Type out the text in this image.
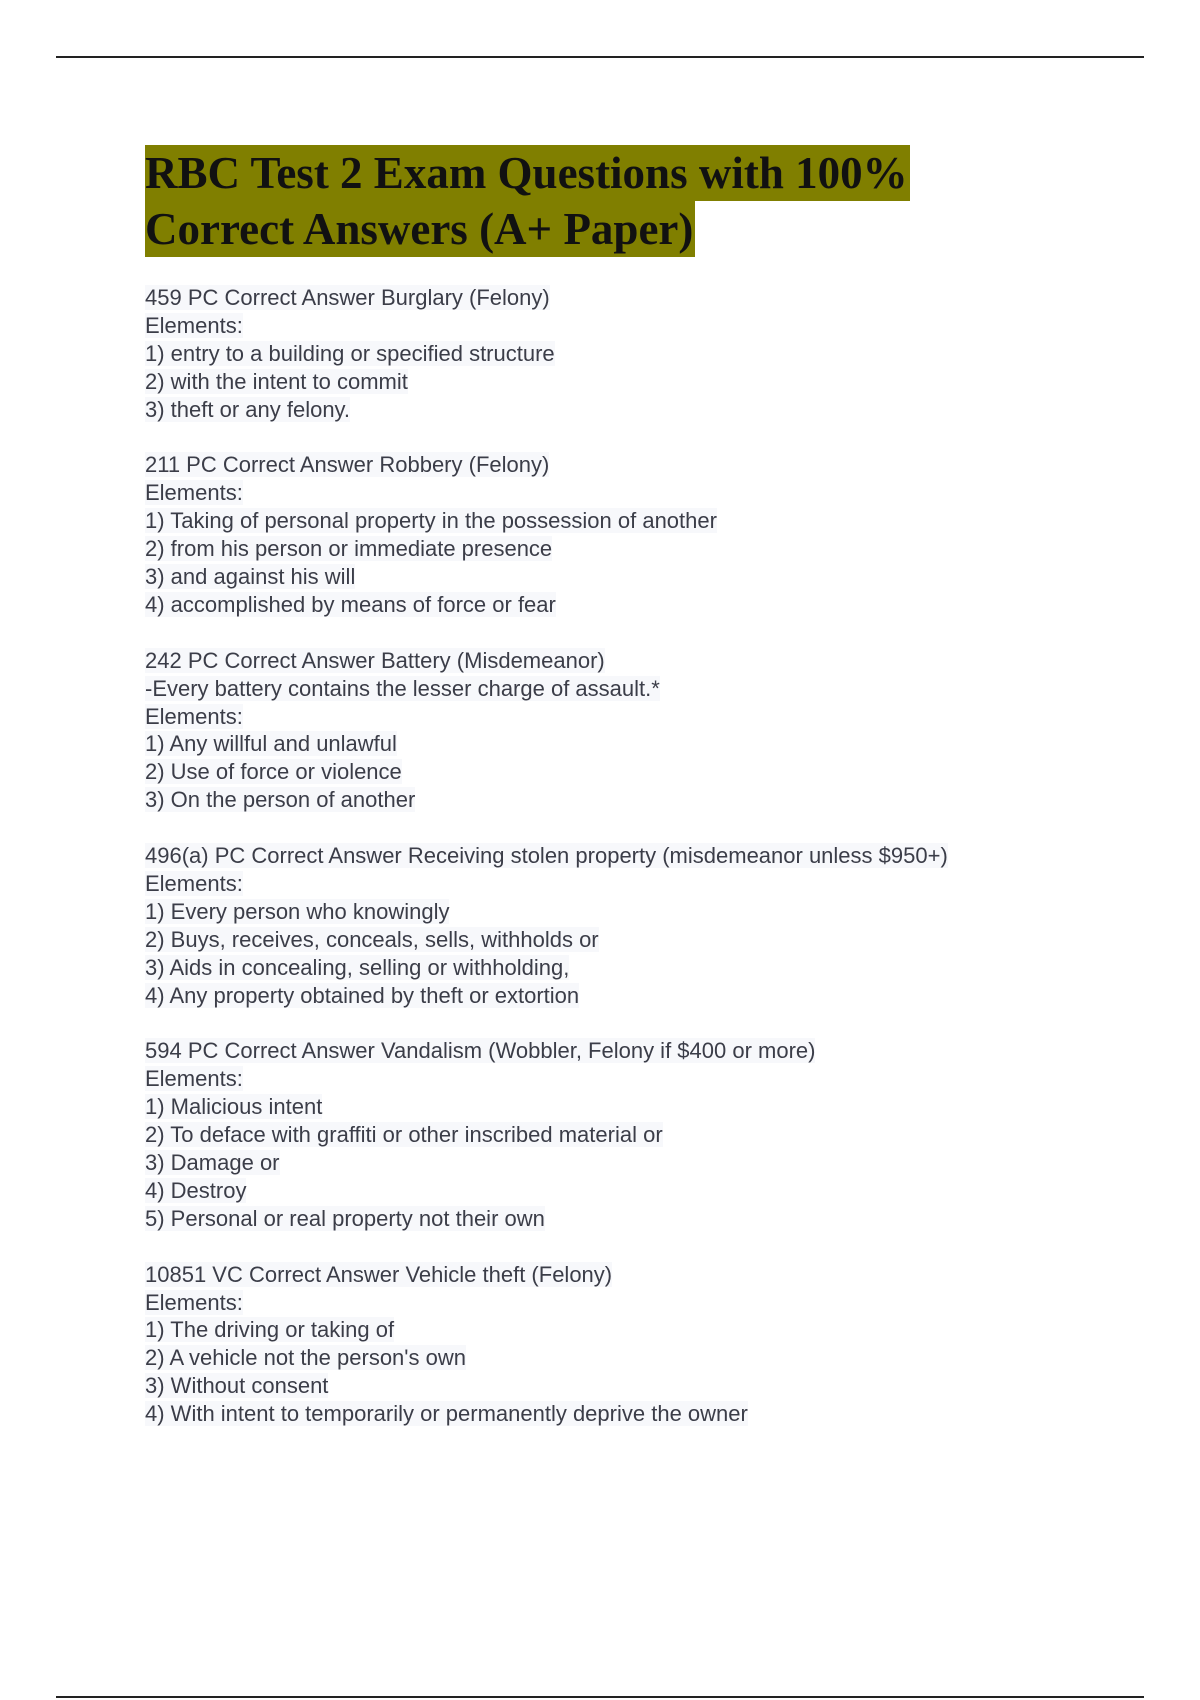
RBC Test 2 Exam Questions with 100%
Correct Answers (A+ Paper)
459 PC Correct Answer Burglary (Felony)
Elements:
1) entry to a building or specified structure
2) with the intent to commit
3) theft or any felony.
211 PC Correct Answer Robbery (Felony)
Elements:
1) Taking of personal property in the possession of another
2) from his person or immediate presence
3) and against his will
4) accomplished by means of force or fear
242 PC Correct Answer Battery (Misdemeanor)
-Every battery contains the lesser charge of assault.*
Elements:
1) Any willful and unlawful
2) Use of force or violence
3) On the person of another
496(a) PC Correct Answer Receiving stolen property (misdemeanor unless $950+)
Elements:
1) Every person who knowingly
2) Buys, receives, conceals, sells, withholds or
3) Aids in concealing, selling or withholding,
4) Any property obtained by theft or extortion
594 PC Correct Answer Vandalism (Wobbler, Felony if $400 or more)
Elements:
1) Malicious intent
2) To deface with graffiti or other inscribed material or
3) Damage or
4) Destroy
5) Personal or real property not their own
10851 VC Correct Answer Vehicle theft (Felony)
Elements:
1) The driving or taking of
2) A vehicle not the person's own
3) Without consent
4) With intent to temporarily or permanently deprive the owner
